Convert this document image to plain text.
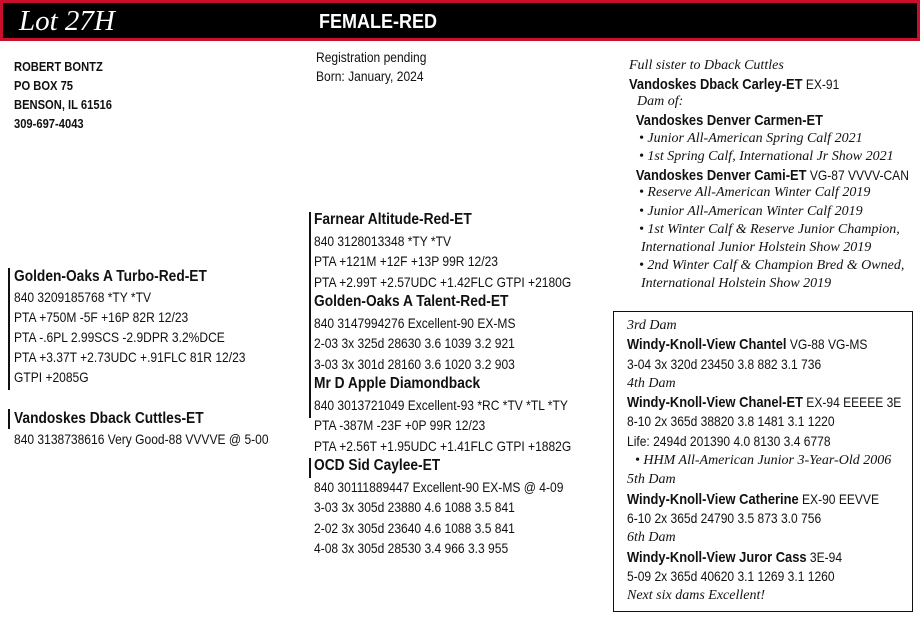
Lot 27H	FEMALE-RED
ROBERT BONTZ
PO BOX 75
BENSON, IL 61516
309-697-4043
Registration pending
Born: January, 2024
Golden-Oaks A Turbo-Red-ET
840 3209185768 *TY *TV
PTA +750M -5F +16P 82R 12/23
PTA -.6PL 2.99SCS -2.9DPR 3.2%DCE
PTA +3.37T +2.73UDC +.91FLC 81R 12/23
GTPI +2085G
Vandoskes Dback Cuttles-ET
840 3138738616 Very Good-88 VVVVE @ 5-00
Farnear Altitude-Red-ET
840 3128013348 *TY *TV
PTA +121M +12F +13P 99R 12/23
PTA +2.99T +2.57UDC +1.42FLC GTPI +2180G
Golden-Oaks A Talent-Red-ET
840 3147994276 Excellent-90 EX-MS
2-03 3x 325d 28630 3.6 1039 3.2 921
3-03 3x 301d 28160 3.6 1020 3.2 903
Mr D Apple Diamondback
840 3013721049 Excellent-93 *RC *TV *TL *TY
PTA -387M -23F +0P 99R 12/23
PTA +2.56T +1.95UDC +1.41FLC GTPI +1882G
OCD Sid Caylee-ET
840 30111889447 Excellent-90 EX-MS @ 4-09
3-03 3x 305d 23880 4.6 1088 3.5 841
2-02 3x 305d 23640 4.6 1088 3.5 841
4-08 3x 305d 28530 3.4 966 3.3 955
Full sister to Dback Cuttles
Vandoskes Dback Carley-ET EX-91
Dam of:
Vandoskes Denver Carmen-ET
• Junior All-American Spring Calf 2021
• 1st Spring Calf, International Jr Show 2021
Vandoskes Denver Cami-ET VG-87 VVVV-CAN
• Reserve All-American Winter Calf 2019
• Junior All-American Winter Calf 2019
• 1st Winter Calf & Reserve Junior Champion,
International Junior Holstein Show 2019
• 2nd Winter Calf & Champion Bred & Owned,
International Holstein Show 2019
3rd Dam
Windy-Knoll-View Chantel VG-88 VG-MS
3-04 3x 320d 23450 3.8 882 3.1 736
4th Dam
Windy-Knoll-View Chanel-ET EX-94 EEEEE 3E
8-10 2x 365d 38820 3.8 1481 3.1 1220
Life: 2494d 201390 4.0 8130 3.4 6778
• HHM All-American Junior 3-Year-Old 2006
5th Dam
Windy-Knoll-View Catherine EX-90 EEVVE
6-10 2x 365d 24790 3.5 873 3.0 756
6th Dam
Windy-Knoll-View Juror Cass 3E-94
5-09 2x 365d 40620 3.1 1269 3.1 1260
Next six dams Excellent!
